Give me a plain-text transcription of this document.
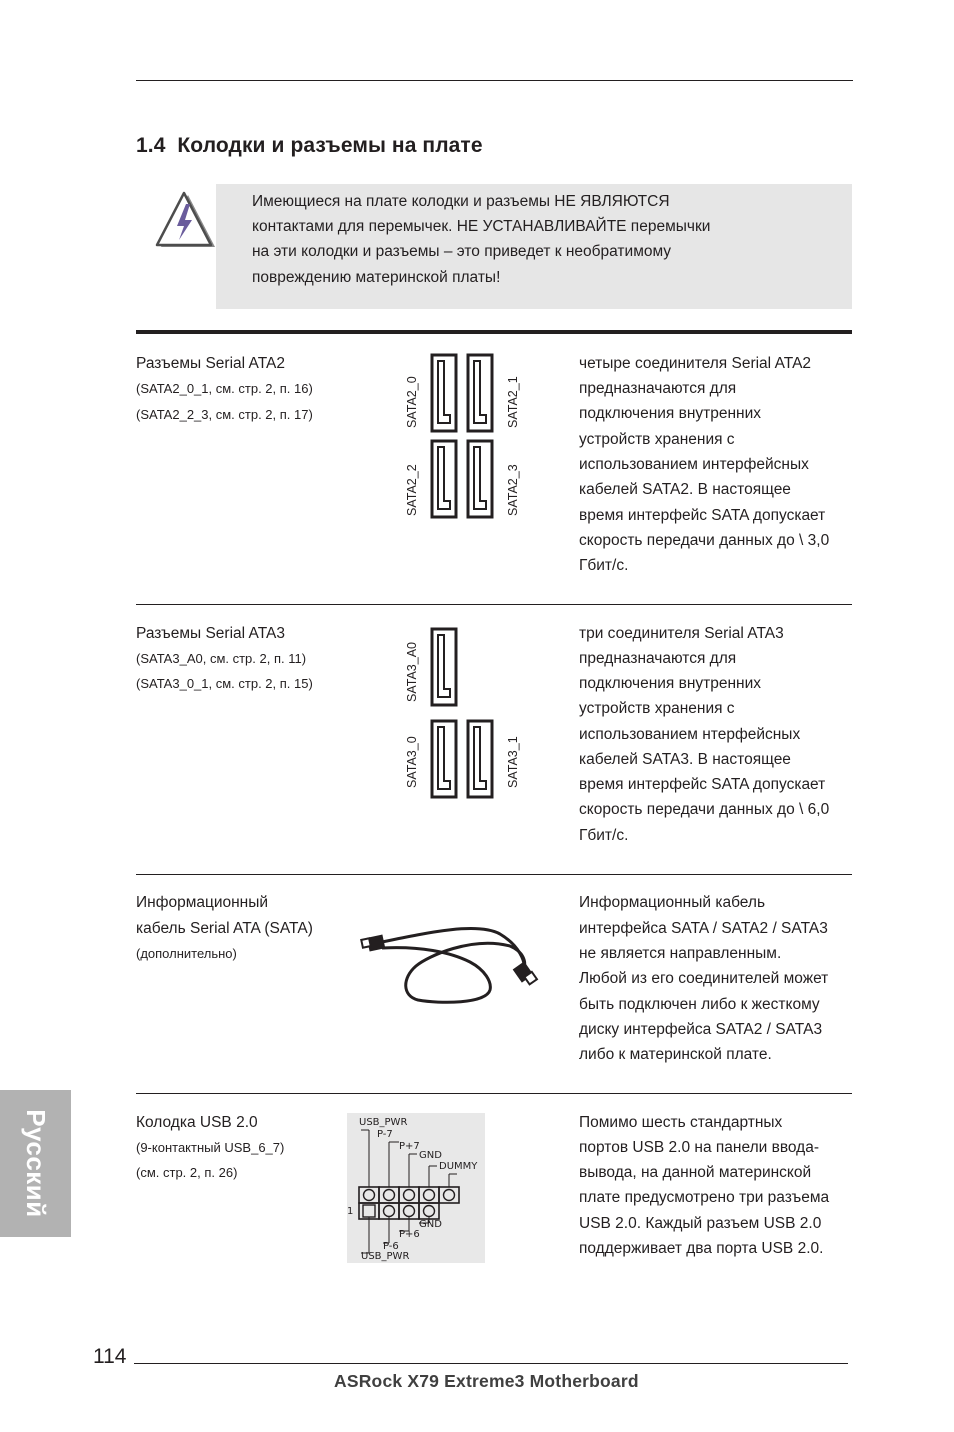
1.4 Колодки и разъемы на плате
Имеющиеся на плате колодки и разъемы НЕ ЯВЛЯЮТСЯ
контактами для перемычек. НЕ УСТАНАВЛИВАЙТЕ перемычки
на эти колодки и разъемы – это приведет к необратимому
повреждению материнской платы!
Разъемы Serial ATA2
(SATA2_0_1, см. стр. 2, п. 16)
(SATA2_2_3, см. стр. 2, п. 17)	SATA2_0	SATA2_1
SATA2_2	SATA2_3
четыре соединителя Serial ATA2
предназначаются для
подключения внутренних
устройств хранения с
использованием интерфейсных
кабелей SATA2. В настоящее
время интерфейс SATA допускает
скорость передачи данных до \ 3,0
Гбит/с.
Разъемы Serial ATA3
(SATA3_A0, см. стр. 2, п. 11)
(SATA3_0_1, см. стр. 2, п. 15)	SATA3_A0
SATA3_0	SATA3_1
три соединителя Serial ATA3
предназначаются для
подключения внутренних
устройств хранения с
использованием нтерфейсных
кабелей SATA3. В настоящее
время интерфейс SATA допускает
скорость передачи данных до \ 6,0
Гбит/с.
Информационный
кабель Serial ATA (SATA)
(дополнительно)
Информационный кабель
интерфейса SATA / SATA2 / SATA3
не является направленным.
Любой из его соединителей может
быть подключен либо к жесткому
диску интерфейса SATA2 / SATA3
либо к материнской плате.
Колодка USB 2.0
(9-контактный USB_6_7)
(см. стр. 2, п. 26)
USB_PWR
P-7
P+7
GND
DUMMY
GND
P+6
P-6
USB_PWR
1
Помимо шесть стандартных
портов USB 2.0 на панели ввода-
вывода, на данной материнской
плате предусмотрено три разъема
USB 2.0. Каждый разъем USB 2.0
поддерживает два порта USB 2.0.
Русский
114
ASRock X79 Extreme3 Motherboard
